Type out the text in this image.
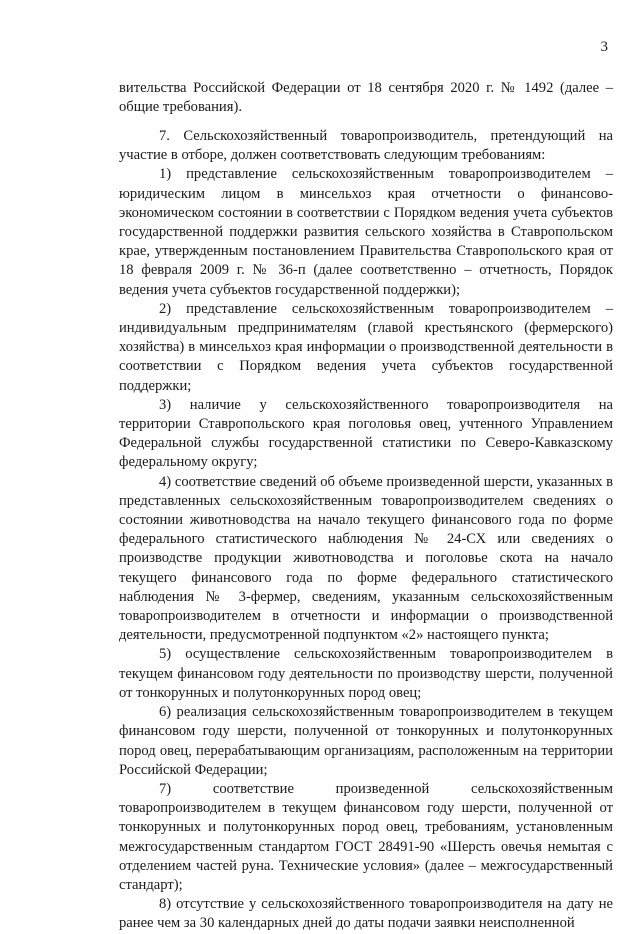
3

вительства Российской Федерации от 18 сентября 2020 г. № 1492 (далее – общие требования).

7. Сельскохозяйственный товаропроизводитель, претендующий на участие в отборе, должен соответствовать следующим требованиям:

1) представление сельскохозяйственным товаропроизводителем – юридическим лицом в минсельхоз края отчетности о финансово-экономическом состоянии в соответствии с Порядком ведения учета субъектов государственной поддержки развития сельского хозяйства в Ставропольском крае, утвержденным постановлением Правительства Ставропольского края от 18 февраля 2009 г. № 36-п (далее соответственно – отчетность, Порядок ведения учета субъектов государственной поддержки);

2) представление сельскохозяйственным товаропроизводителем – индивидуальным предпринимателям (главой крестьянского (фермерского) хозяйства) в минсельхоз края информации о производственной деятельности в соответствии с Порядком ведения учета субъектов государственной поддержки;

3) наличие у сельскохозяйственного товаропроизводителя на территории Ставропольского края поголовья овец, учтенного Управлением Федеральной службы государственной статистики по Северо-Кавказскому федеральному округу;

4) соответствие сведений об объеме произведенной шерсти, указанных в представленных сельскохозяйственным товаропроизводителем сведениях о состоянии животноводства на начало текущего финансового года по форме федерального статистического наблюдения № 24-СХ или сведениях о производстве продукции животноводства и поголовье скота на начало текущего финансового года по форме федерального статистического наблюдения № 3-фермер, сведениям, указанным сельскохозяйственным товаропроизводителем в отчетности и информации о производственной деятельности, предусмотренной подпунктом «2» настоящего пункта;

5) осуществление сельскохозяйственным товаропроизводителем в текущем финансовом году деятельности по производству шерсти, полученной от тонкорунных и полутонкорунных пород овец;

6) реализация сельскохозяйственным товаропроизводителем в текущем финансовом году шерсти, полученной от тонкорунных и полутонкорунных пород овец, перерабатывающим организациям, расположенным на территории Российской Федерации;

7) соответствие произведенной сельскохозяйственным товаропроизводителем в текущем финансовом году шерсти, полученной от тонкорунных и полутонкорунных пород овец, требованиям, установленным межгосударственным стандартом ГОСТ 28491-90 «Шерсть овечья немытая с отделением частей руна. Технические условия» (далее – межгосударственный стандарт);

8) отсутствие у сельскохозяйственного товаропроизводителя на дату не ранее чем за 30 календарных дней до даты подачи заявки неисполненной
